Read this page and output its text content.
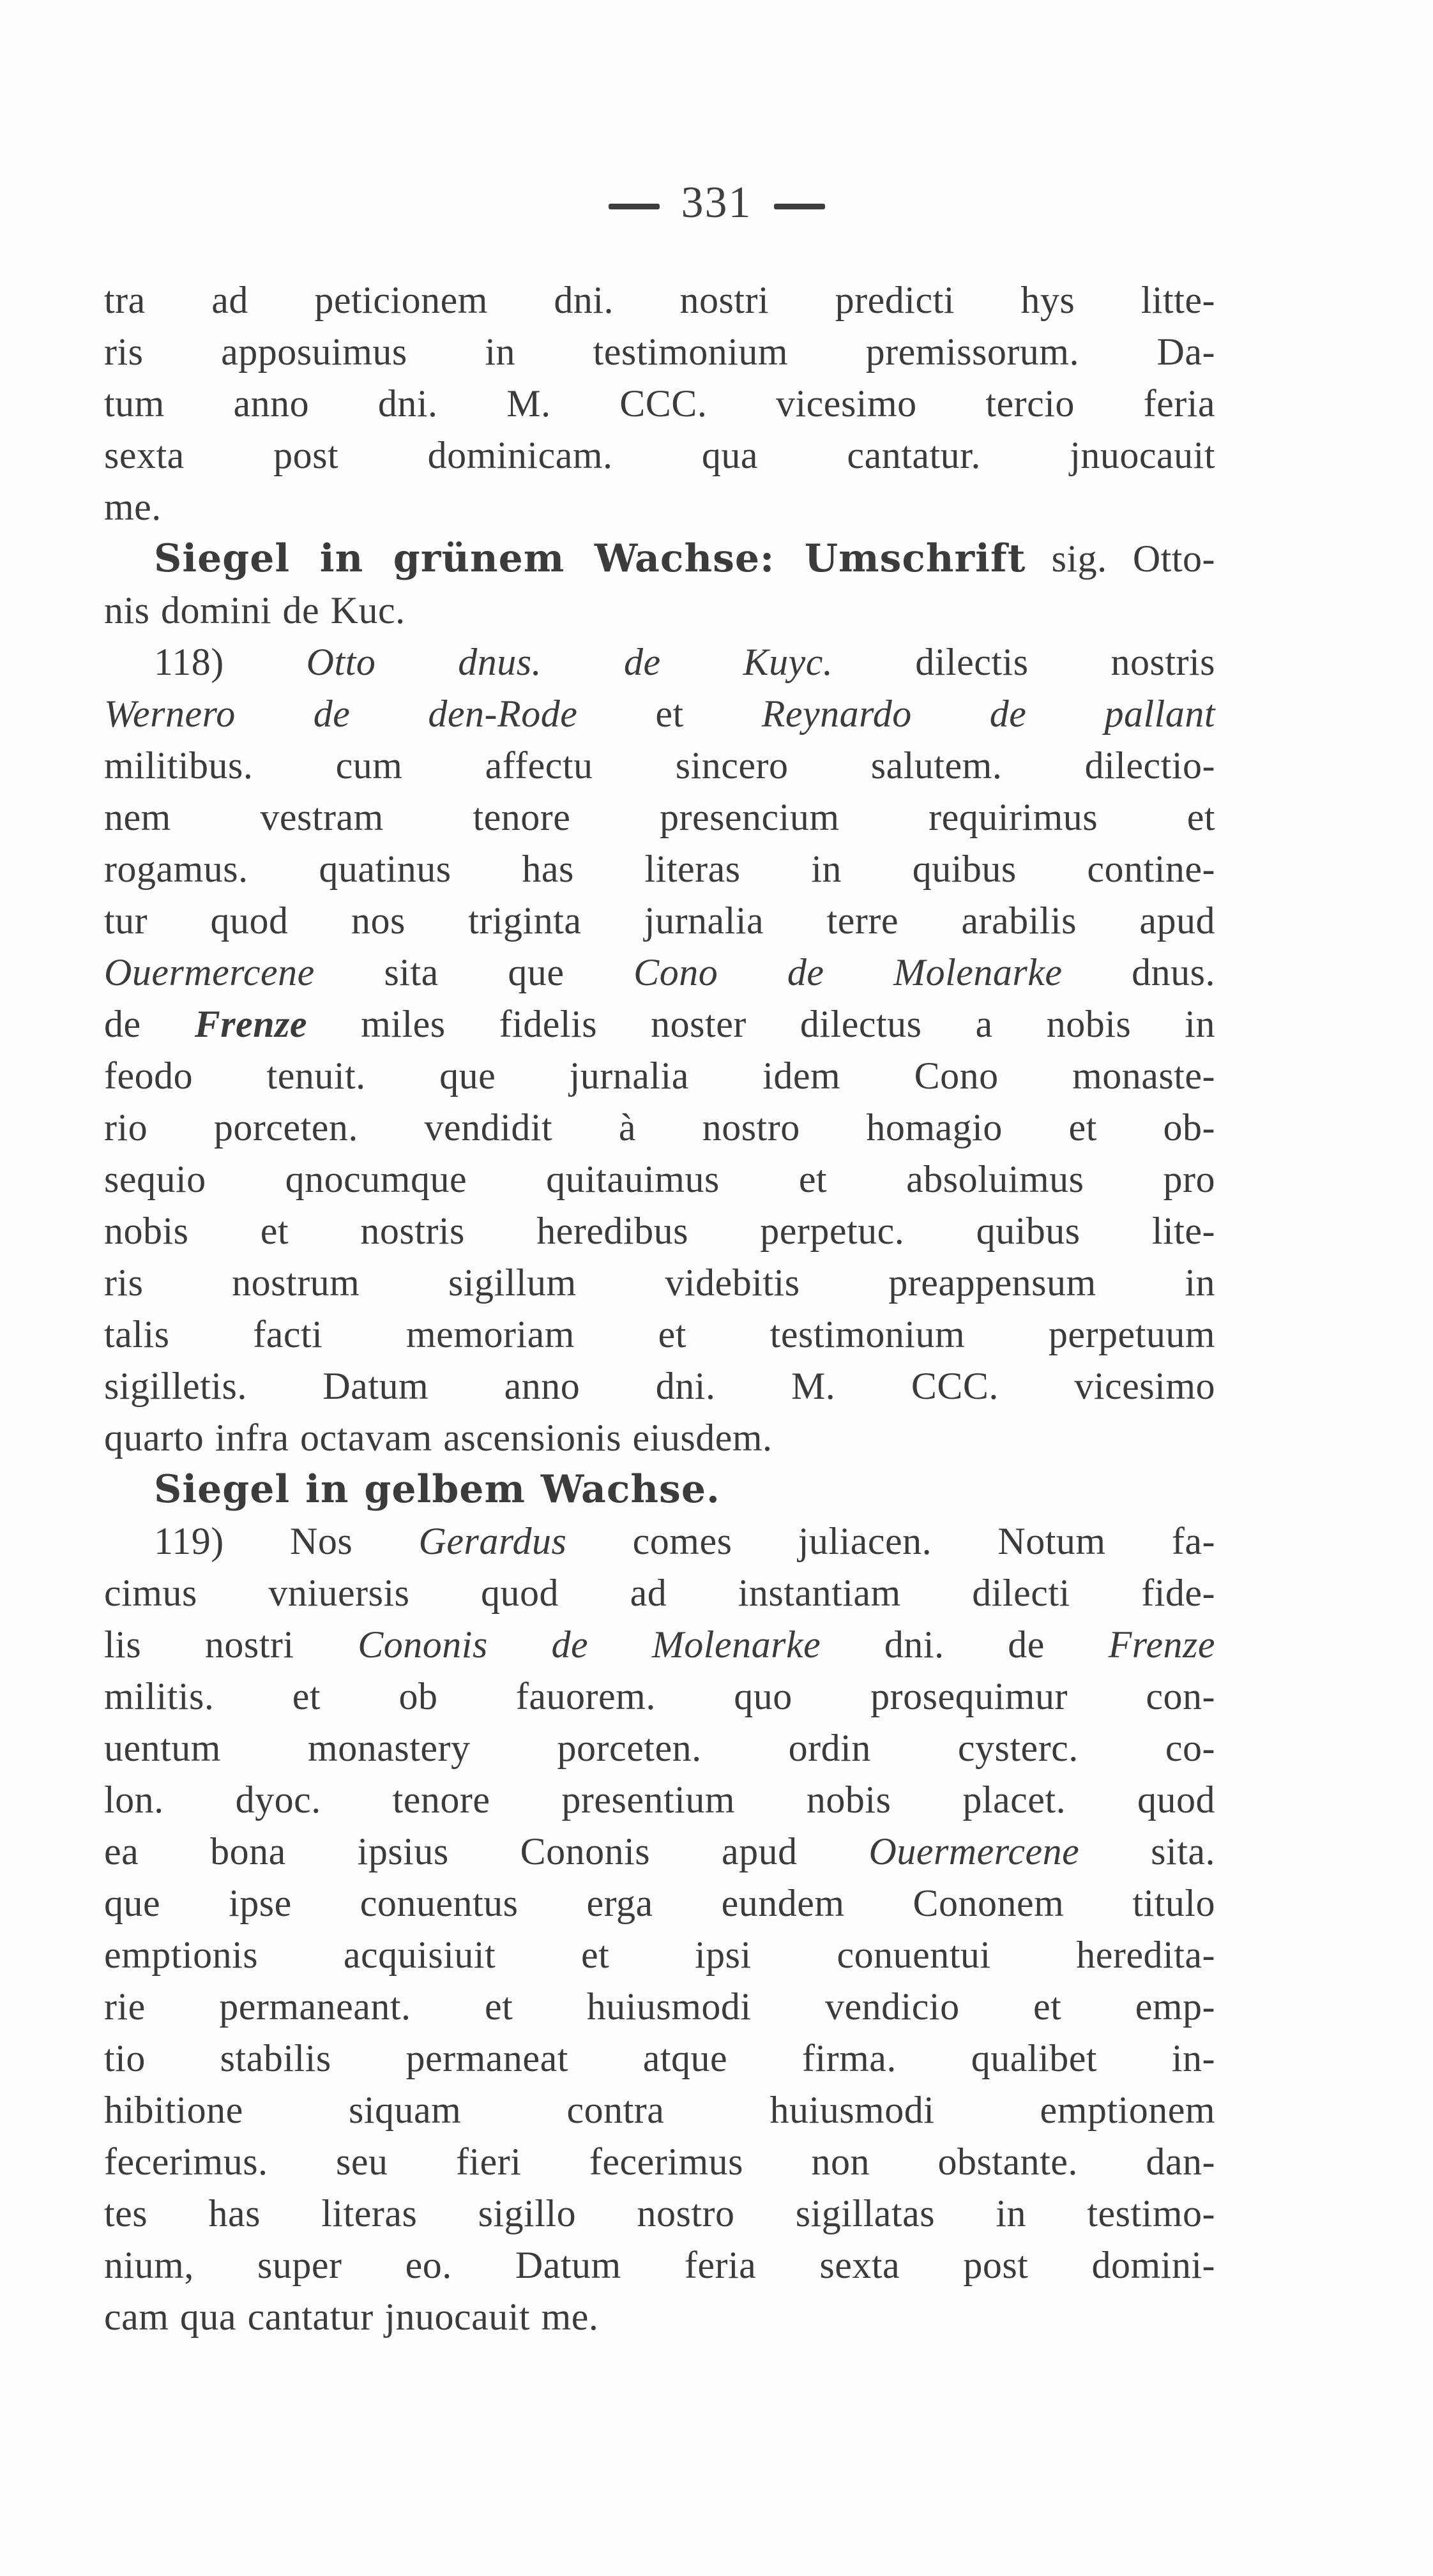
331
tra ad peticionem dni. nostri predicti hys litte-
ris apposuimus in testimonium premissorum. Da-
tum anno dni. M. CCC. vicesimo tercio feria
sexta post dominicam. qua cantatur. jnuocauit
me.
Siegel in grünem Wachse: Umschrift sig. Otto-
nis domini de Kuc.
118) Otto dnus. de Kuyc. dilectis nostris
Wernero de den-Rode et Reynardo de pallant
militibus. cum affectu sincero salutem. dilectio-
nem vestram tenore presencium requirimus et
rogamus. quatinus has literas in quibus contine-
tur quod nos triginta jurnalia terre arabilis apud
Ouermercene sita que Cono de Molenarke dnus.
de Frenze miles fidelis noster dilectus a nobis in
feodo tenuit. que jurnalia idem Cono monaste-
rio porceten. vendidit à nostro homagio et ob-
sequio qnocumque quitauimus et absoluimus pro
nobis et nostris heredibus perpetuc. quibus lite-
ris nostrum sigillum videbitis preappensum in
talis facti memoriam et testimonium perpetuum
sigilletis. Datum anno dni. M. CCC. vicesimo
quarto infra octavam ascensionis eiusdem.
Siegel in gelbem Wachse.
119) Nos Gerardus comes juliacen. Notum fa-
cimus vniuersis quod ad instantiam dilecti fide-
lis nostri Cononis de Molenarke dni. de Frenze
militis. et ob fauorem. quo prosequimur con-
uentum monastery porceten. ordin cysterc. co-
lon. dyoc. tenore presentium nobis placet. quod
ea bona ipsius Cononis apud Ouermercene sita.
que ipse conuentus erga eundem Cononem titulo
emptionis acquisiuit et ipsi conuentui heredita-
rie permaneant. et huiusmodi vendicio et emp-
tio stabilis permaneat atque firma. qualibet in-
hibitione siquam contra huiusmodi emptionem
fecerimus. seu fieri fecerimus non obstante. dan-
tes has literas sigillo nostro sigillatas in testimo-
nium, super eo. Datum feria sexta post domini-
cam qua cantatur jnuocauit me.
